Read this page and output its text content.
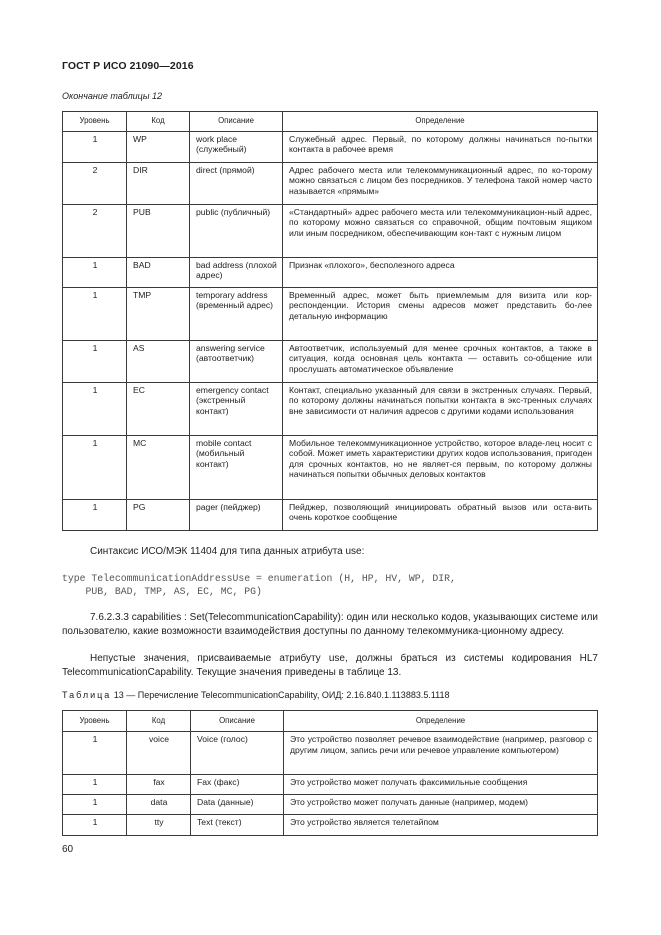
ГОСТ Р ИСО 21090—2016
Окончание таблицы 12
Уровень	Код	Описание	Определение
1	WP	work place (служебный)	Служебный адрес. Первый, по которому должны начинаться по-пытки контакта в рабочее время
2	DIR	direct (прямой)	Адрес рабочего места или телекоммуникационный адрес, по ко-торому можно связаться с лицом без посредников. У телефона такой номер часто называется «прямым»
2	PUB	public (публичный)	«Стандартный» адрес рабочего места или телекоммуникацион-ный адрес, по которому можно связаться со справочной, общим почтовым ящиком или иным посредником, обеспечивающим кон-такт с нужным лицом
1	BAD	bad address (плохой адрес)	Признак «плохого», бесполезного адреса
1	TMP	temporary address (временный адрес)	Временный адрес, может быть приемлемым для визита или кор-респонденции. История смены адресов может представить бо-лее детальную информацию
1	AS	answering service (автоответчик)	Автоответчик, используемый для менее срочных контактов, а также в ситуация, когда основная цель контакта — оставить со-общение или прослушать автоматическое объявление
1	EC	emergency contact (экстренный контакт)	Контакт, специально указанный для связи в экстренных случаях. Первый, по которому должны начинаться попытки контакта в экс-тренных случаях вне зависимости от наличия адресов с другими кодами использования
1	MC	mobile contact (мобильный контакт)	Мобильное телекоммуникационное устройство, которое владе-лец носит с собой. Может иметь характеристики других кодов использования, пригоден для срочных контактов, но не являет-ся первым, по которому должны начинаться попытки обычных деловых контактов
1	PG	pager (пейджер)	Пейджер, позволяющий инициировать обратный вызов или оста-вить очень короткое сообщение
Синтаксис ИСО/МЭК 11404 для типа данных атрибута use:
type TelecommunicationAddressUse = enumeration (H, HP, HV, WP, DIR,
PUB, BAD, TMP, AS, EC, MC, PG)
7.6.2.3.3 capabilities : Set(TelecommunicationCapability): один или несколько кодов, указывающих системе или пользователю, какие возможности взаимодействия доступны по данному телекоммуника-ционному адресу.
Непустые значения, присваиваемые атрибуту use, должны браться из системы кодирования HL7 TelecommunicationCapability. Текущие значения приведены в таблице 13.
Таблица 13 — Перечисление TelecommunicationCapability, ОИД: 2.16.840.1.113883.5.1118
Уровень	Код	Описание	Определение
1	voice	Voice (голос)	Это устройство позволяет речевое взаимодействие (например, разговор с другим лицом, запись речи или речевое управление компьютером)
1	fax	Fax (факс)	Это устройство может получать факсимильные сообщения
1	data	Data (данные)	Это устройство может получать данные (например, модем)
1	tty	Text (текст)	Это устройство является телетайпом
60
